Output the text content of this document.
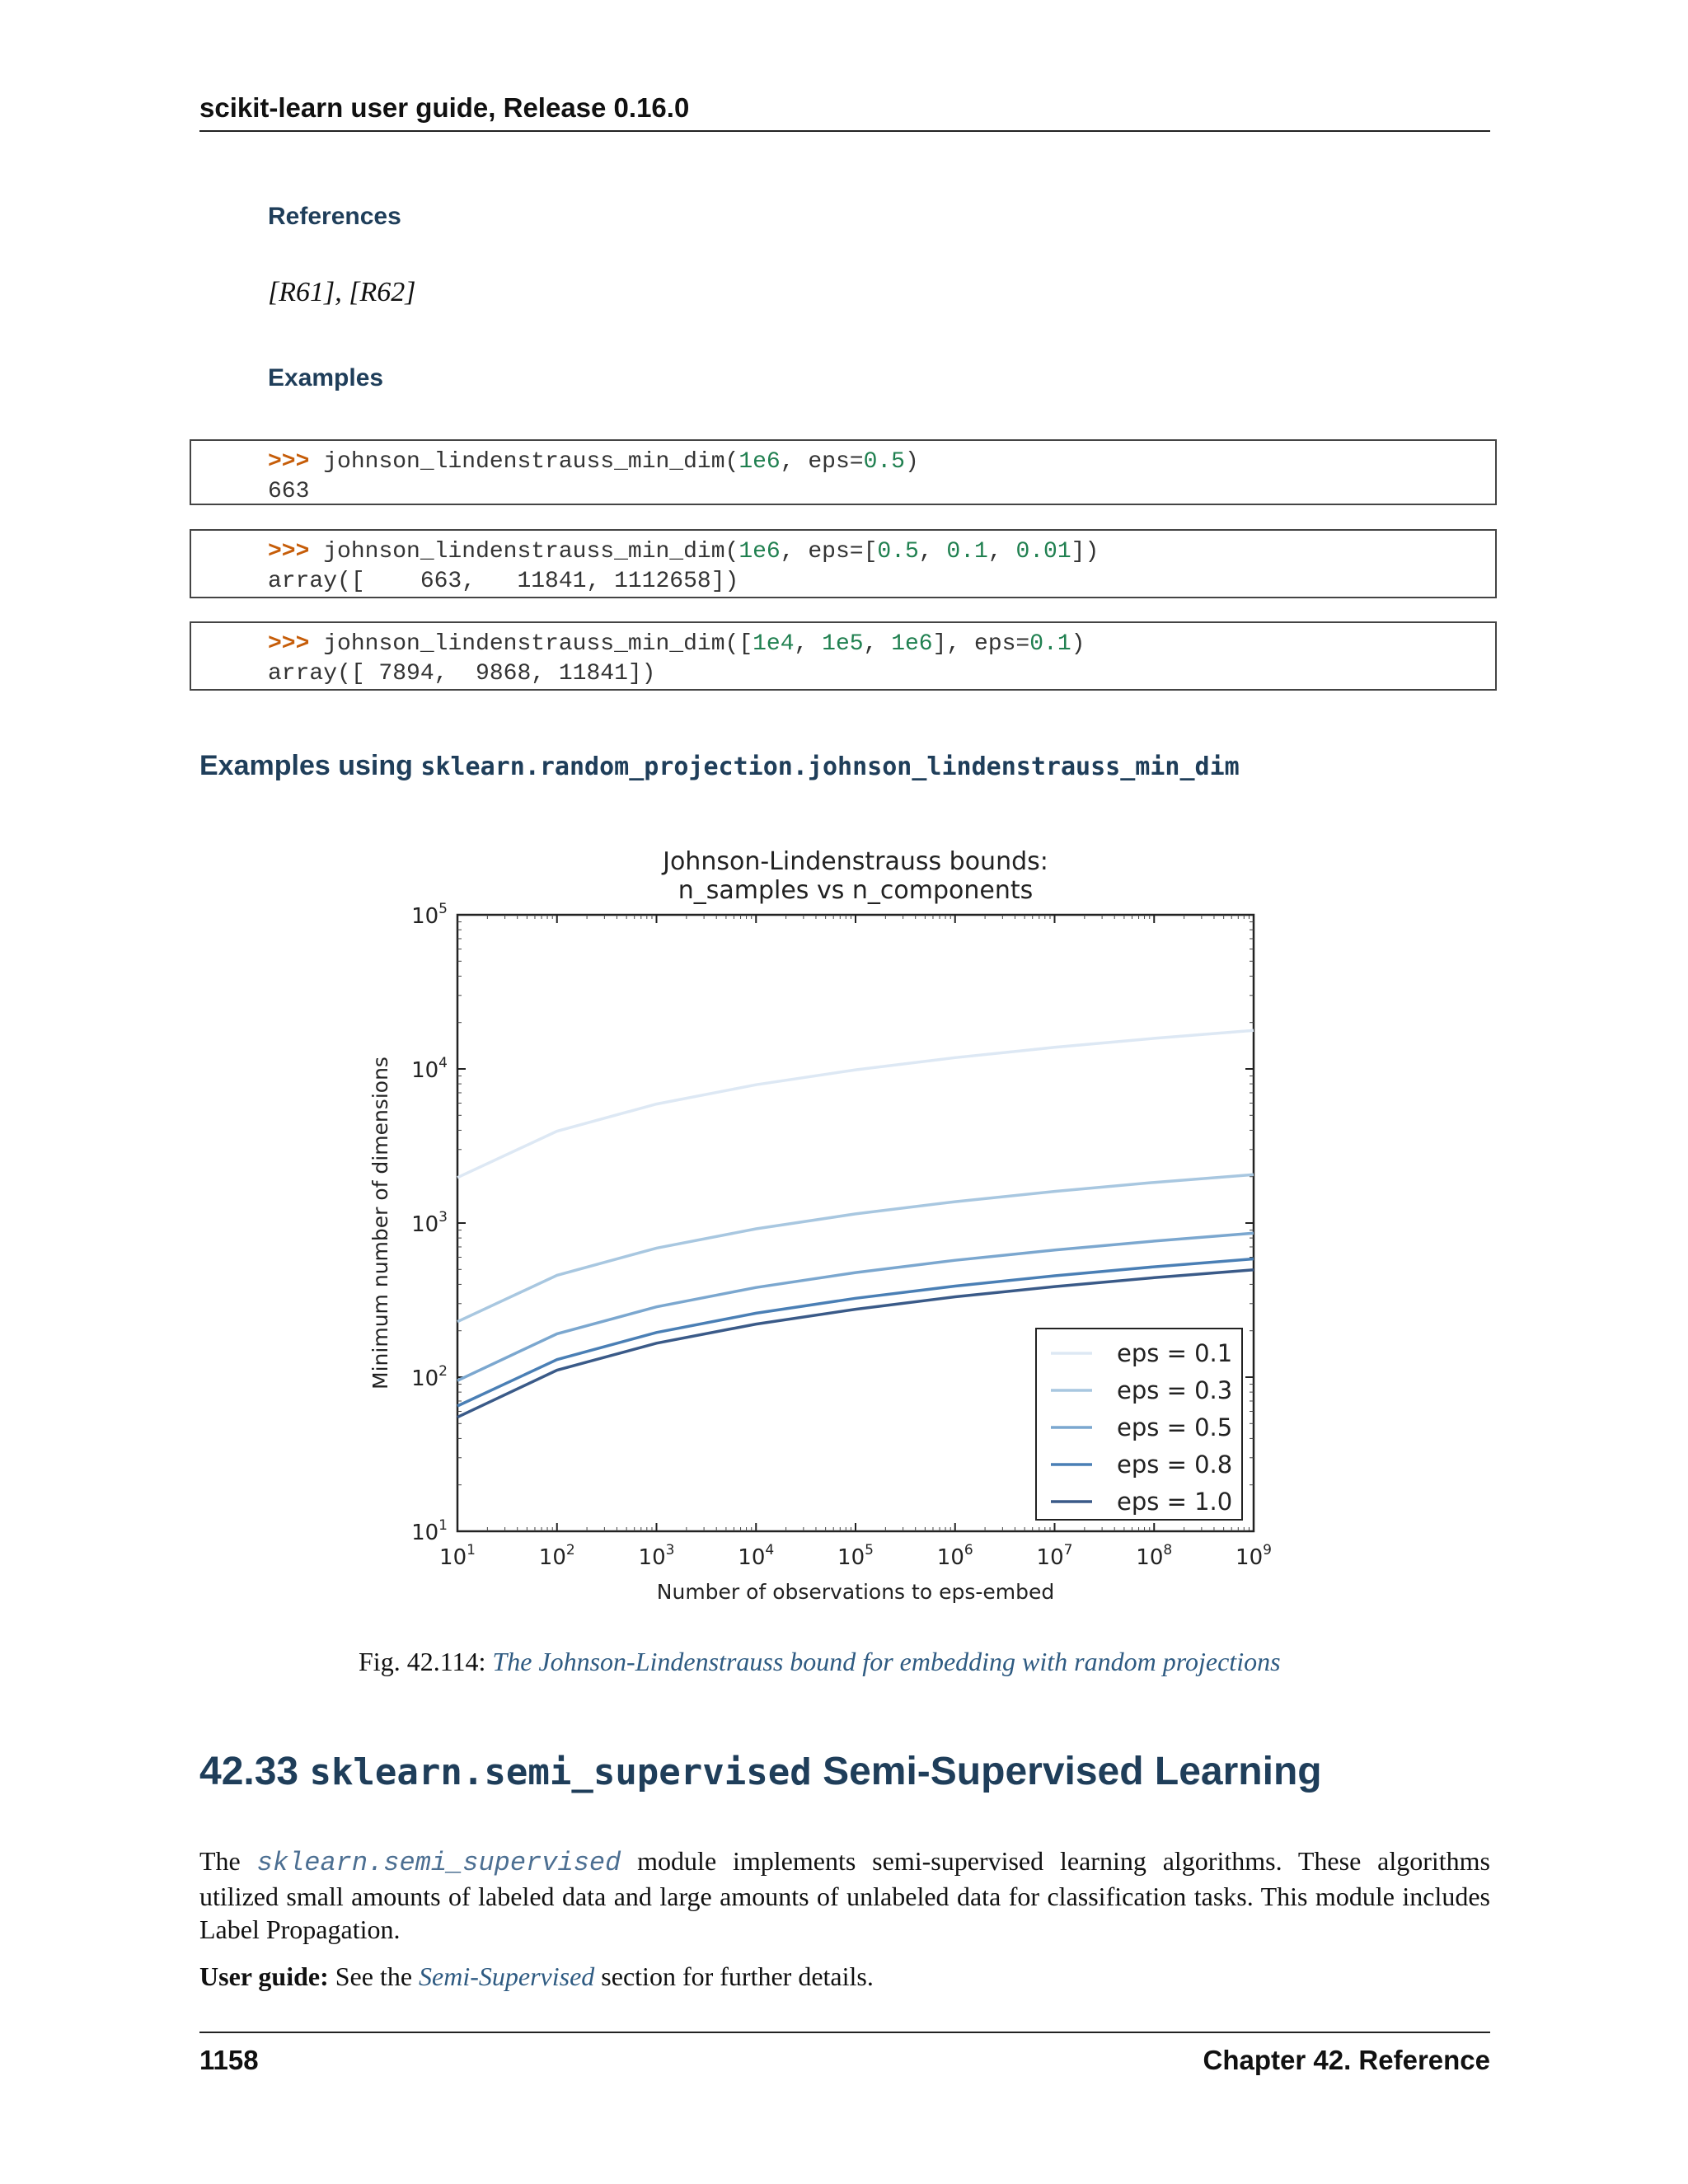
scikit-learn user guide, Release 0.16.0
References
[R61], [R62]
Examples
>>> johnson_lindenstrauss_min_dim(1e6, eps=0.5)
663
>>> johnson_lindenstrauss_min_dim(1e6, eps=[0.5, 0.1, 0.01])
array([    663,   11841, 1112658])
>>> johnson_lindenstrauss_min_dim([1e4, 1e5, 1e6], eps=0.1)
array([ 7894,  9868, 11841])
Examples using sklearn.random_projection.johnson_lindenstrauss_min_dim
Johnson-Lindenstrauss bounds:
n_samples vs n_components
$10^1$	$10^2$	$10^3$	$10^4$	$10^5$	$10^6$	$10^7$	$10^8$	$10^9$
$10^1$
$10^2$
$10^3$
$10^4$
$10^5$
Number of observations to eps-embed
Minimum number of dimensions	eps = 0.1
eps = 0.3
eps = 0.5
eps = 0.8
eps = 1.0
Fig. 42.114: The Johnson-Lindenstrauss bound for embedding with random projections
42.33 sklearn.semi_supervised Semi-Supervised Learning
The sklearn.semi_supervised module implements semi-supervised learning algorithms. These algorithms utilized small amounts of labeled data and large amounts of unlabeled data for classification tasks. This module includes Label Propagation.
User guide: See the Semi-Supervised section for further details.
1158	Chapter 42. Reference
